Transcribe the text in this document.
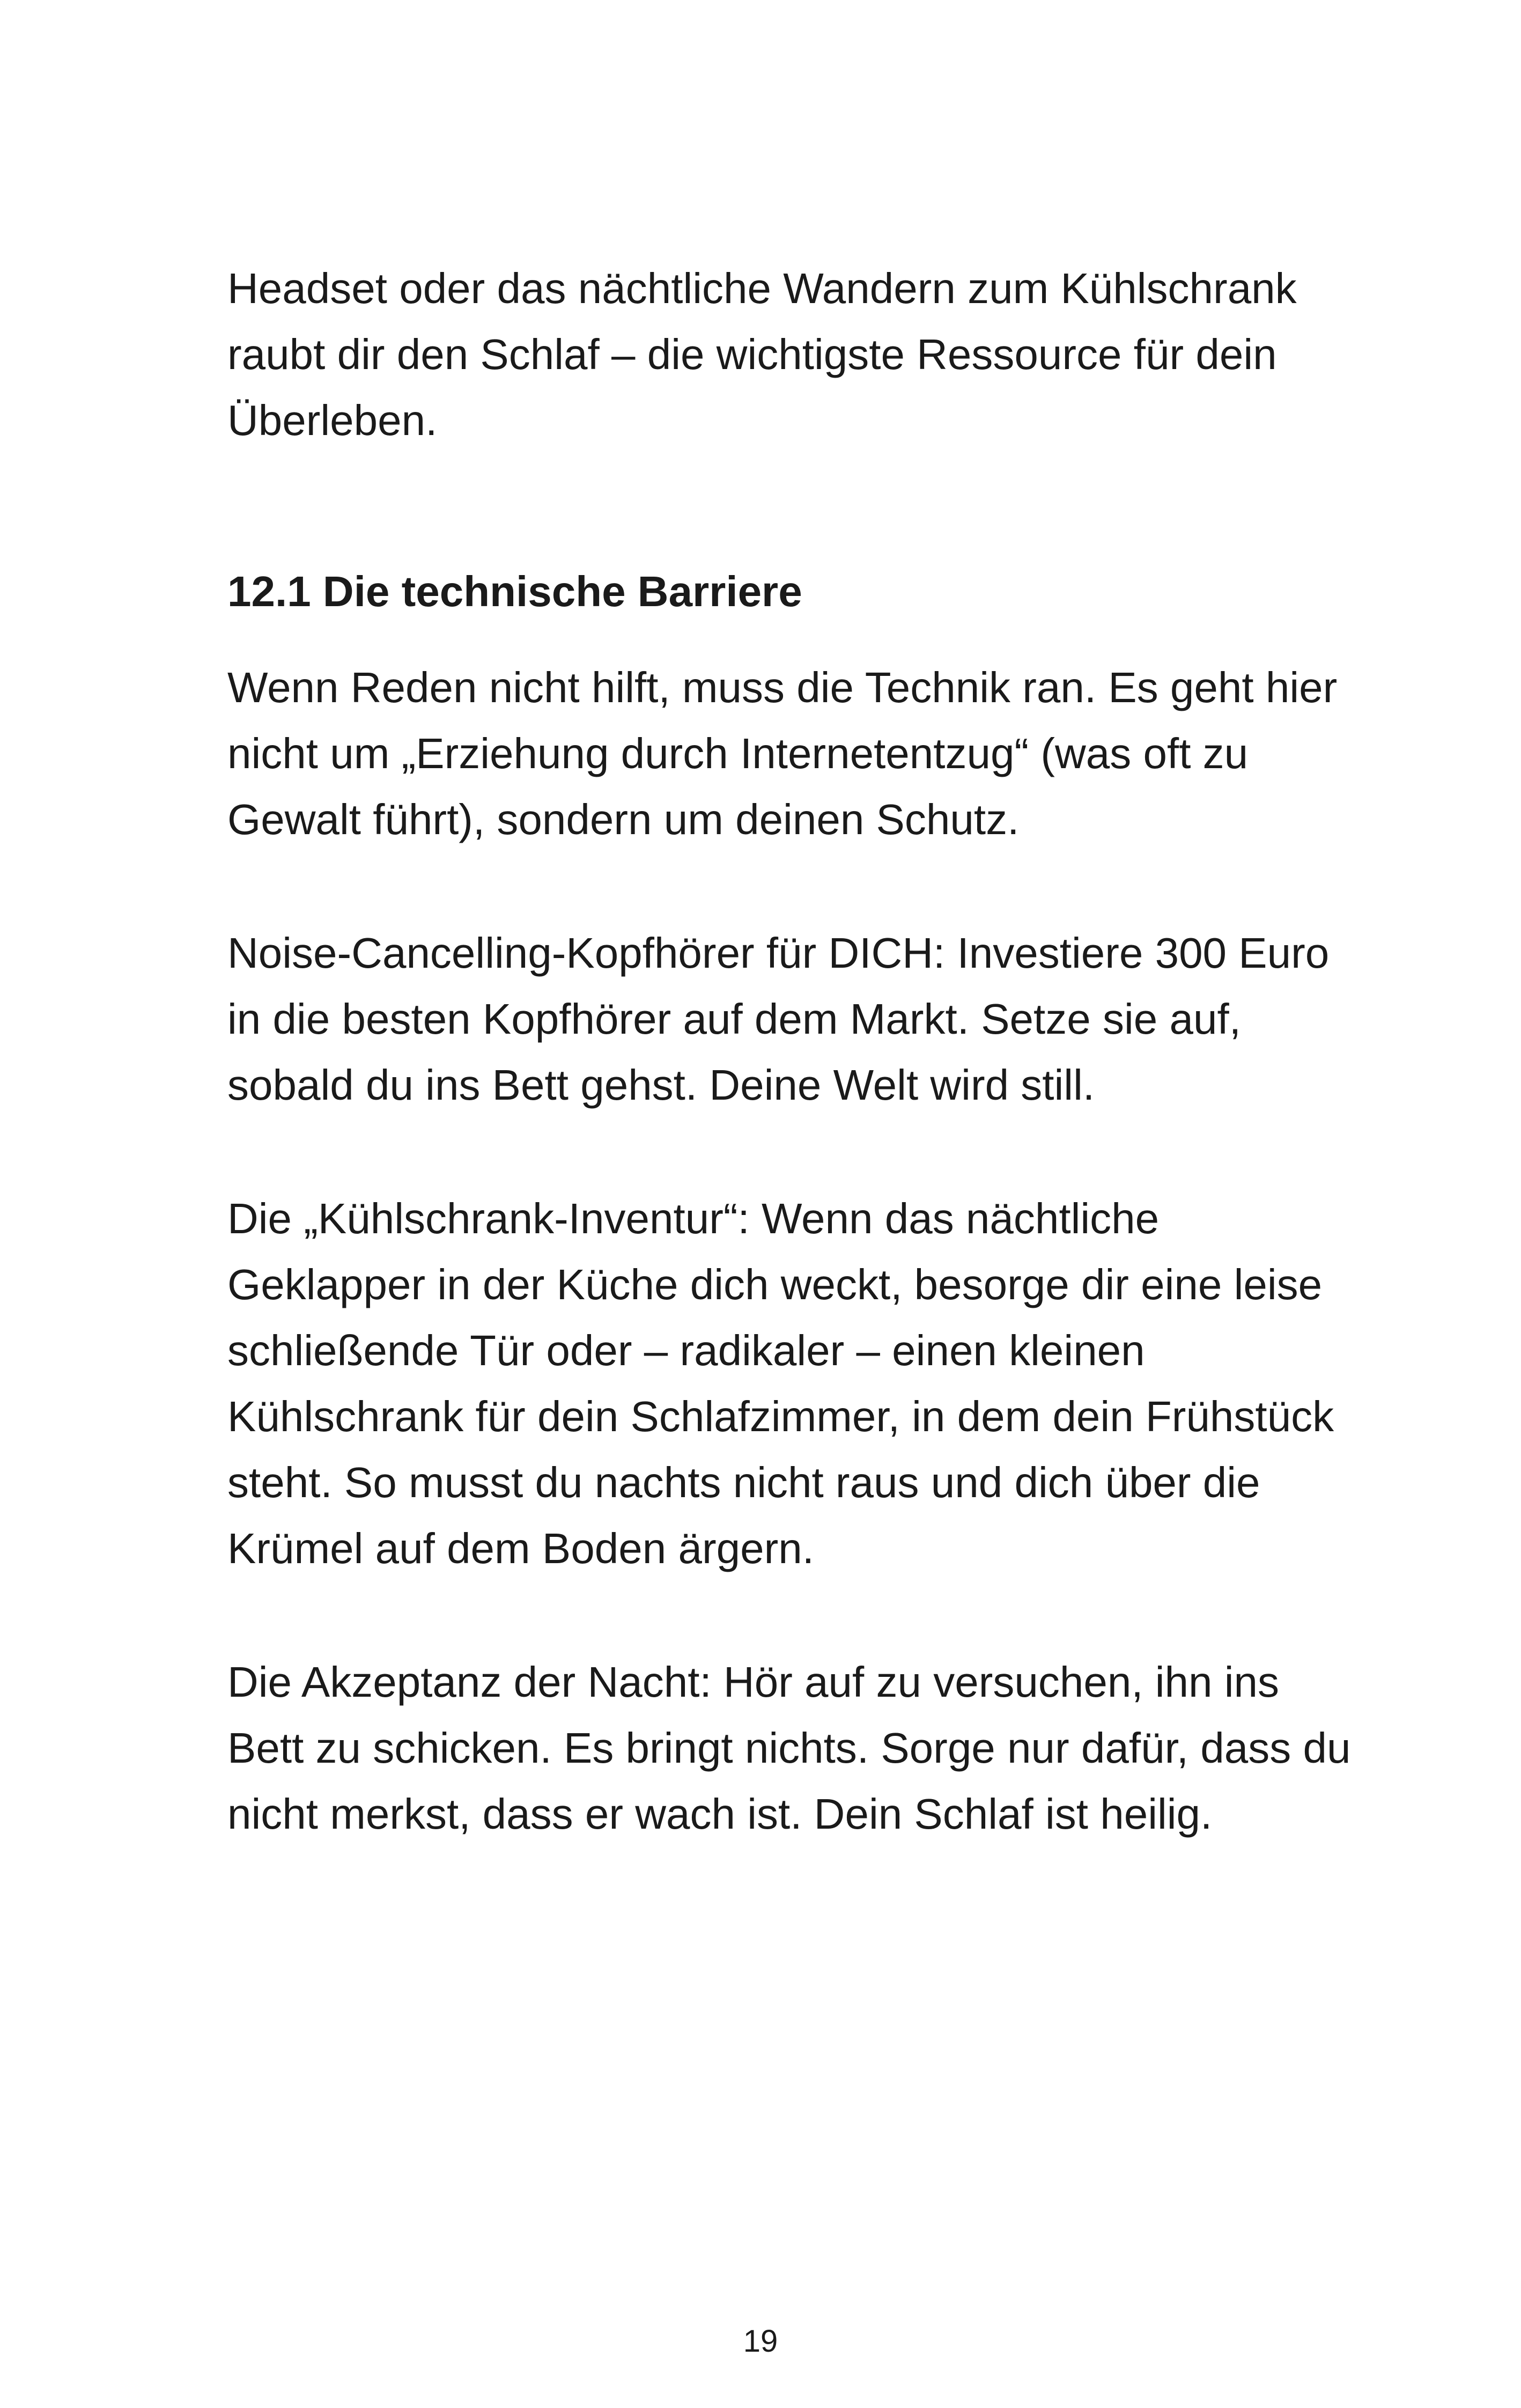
Headset oder das nächtliche Wandern zum Kühlschrank raubt dir den Schlaf – die wichtigste Ressource für dein Überleben.

12.1 Die technische Barriere

Wenn Reden nicht hilft, muss die Technik ran. Es geht hier nicht um „Erziehung durch Internetentzug“ (was oft zu Gewalt führt), sondern um deinen Schutz.

Noise-Cancelling-Kopfhörer für DICH: Investiere 300 Euro in die besten Kopfhörer auf dem Markt. Setze sie auf, sobald du ins Bett gehst. Deine Welt wird still.

Die „Kühlschrank-Inventur“: Wenn das nächtliche Geklapper in der Küche dich weckt, besorge dir eine leise schließende Tür oder – radikaler – einen kleinen Kühlschrank für dein Schlafzimmer, in dem dein Frühstück steht. So musst du nachts nicht raus und dich über die Krümel auf dem Boden ärgern.

Die Akzeptanz der Nacht: Hör auf zu versuchen, ihn ins Bett zu schicken. Es bringt nichts. Sorge nur dafür, dass du nicht merkst, dass er wach ist. Dein Schlaf ist heilig.

19
